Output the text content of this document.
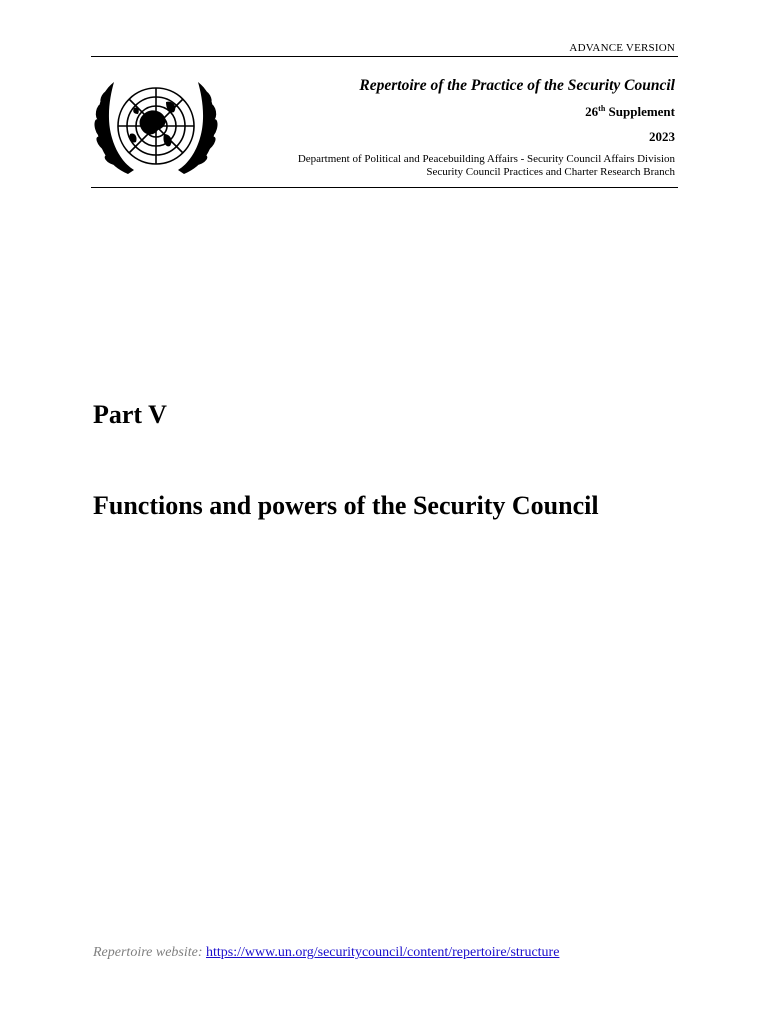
ADVANCE VERSION
Repertoire of the Practice of the Security Council
26th Supplement
2023
Department of Political and Peacebuilding Affairs - Security Council Affairs Division
Security Council Practices and Charter Research Branch
Part V
Functions and powers of the Security Council
Repertoire website: https://www.un.org/securitycouncil/content/repertoire/structure
